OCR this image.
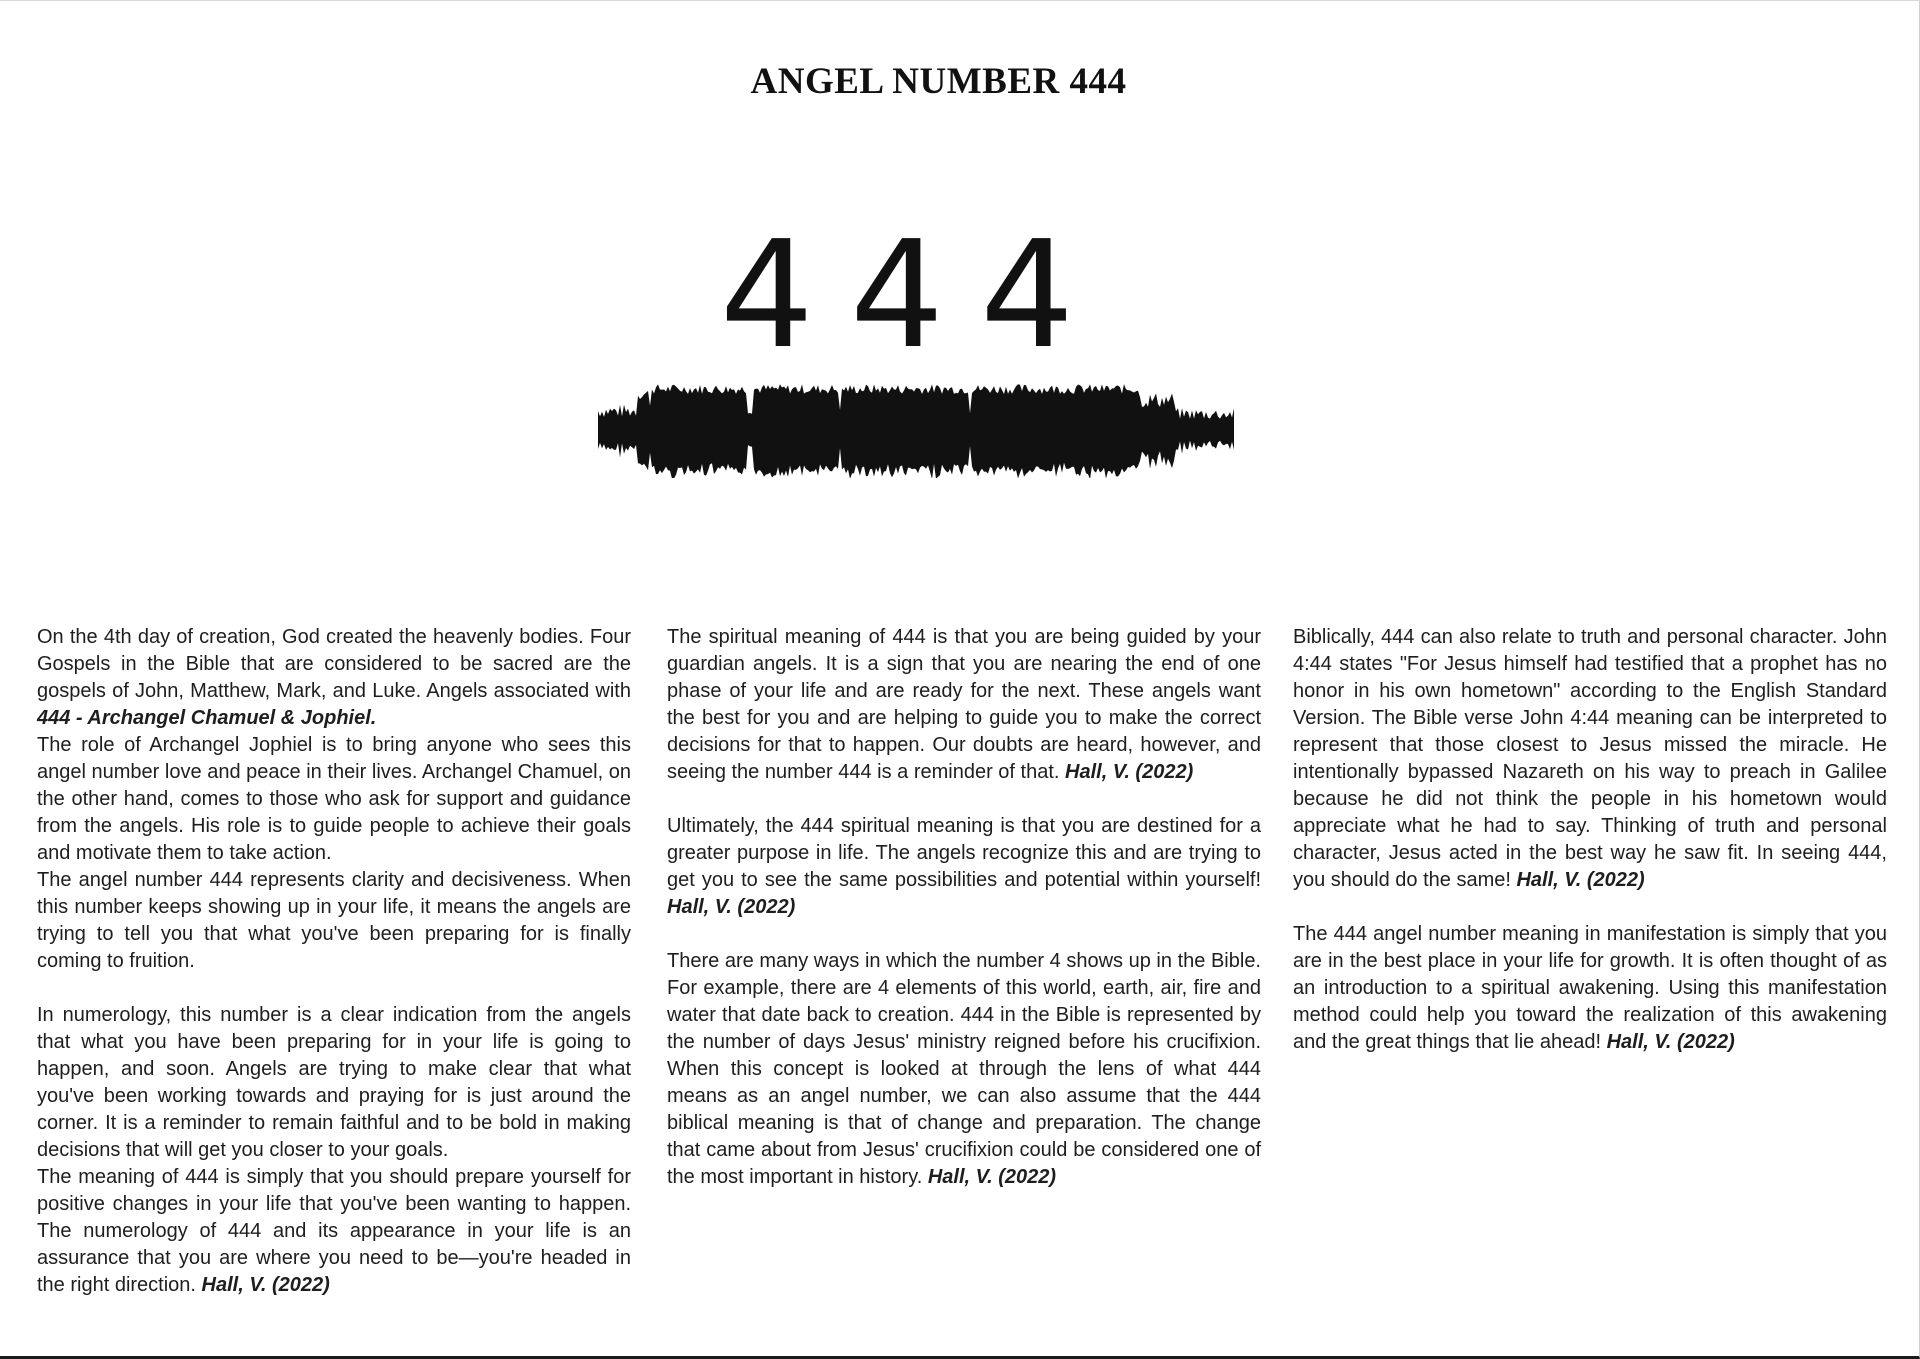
ANGEL NUMBER 444
444

On the 4th day of creation, God created the heavenly bodies. Four Gospels in the Bible that are considered to be sacred are the gospels of John, Matthew, Mark, and Luke. Angels associated with 444 - Archangel Chamuel & Jophiel.

The role of Archangel Jophiel is to bring anyone who sees this angel number love and peace in their lives. Archangel Chamuel, on the other hand, comes to those who ask for support and guidance from the angels. His role is to guide people to achieve their goals and motivate them to take action.

The angel number 444 represents clarity and decisiveness. When this number keeps showing up in your life, it means the angels are trying to tell you that what you've been preparing for is finally coming to fruition.

In numerology, this number is a clear indication from the angels that what you have been preparing for in your life is going to happen, and soon. Angels are trying to make clear that what you've been working towards and praying for is just around the corner. It is a reminder to remain faithful and to be bold in making decisions that will get you closer to your goals.

The meaning of 444 is simply that you should prepare yourself for positive changes in your life that you've been wanting to happen. The numerology of 444 and its appearance in your life is an assurance that you are where you need to be—you're headed in the right direction. Hall, V. (2022)

The spiritual meaning of 444 is that you are being guided by your guardian angels. It is a sign that you are nearing the end of one phase of your life and are ready for the next. These angels want the best for you and are helping to guide you to make the correct decisions for that to happen. Our doubts are heard, however, and seeing the number 444 is a reminder of that. Hall, V. (2022)

Ultimately, the 444 spiritual meaning is that you are destined for a greater purpose in life. The angels recognize this and are trying to get you to see the same possibilities and potential within yourself! Hall, V. (2022)

There are many ways in which the number 4 shows up in the Bible. For example, there are 4 elements of this world, earth, air, fire and water that date back to creation. 444 in the Bible is represented by the number of days Jesus' ministry reigned before his crucifixion. When this concept is looked at through the lens of what 444 means as an angel number, we can also assume that the 444 biblical meaning is that of change and preparation. The change that came about from Jesus' crucifixion could be considered one of the most important in history. Hall, V. (2022)

Biblically, 444 can also relate to truth and personal character. John 4:44 states "For Jesus himself had testified that a prophet has no honor in his own hometown" according to the English Standard Version. The Bible verse John 4:44 meaning can be interpreted to represent that those closest to Jesus missed the miracle. He intentionally bypassed Nazareth on his way to preach in Galilee because he did not think the people in his hometown would appreciate what he had to say. Thinking of truth and personal character, Jesus acted in the best way he saw fit. In seeing 444, you should do the same! Hall, V. (2022)

The 444 angel number meaning in manifestation is simply that you are in the best place in your life for growth. It is often thought of as an introduction to a spiritual awakening. Using this manifestation method could help you toward the realization of this awakening and the great things that lie ahead! Hall, V. (2022)
